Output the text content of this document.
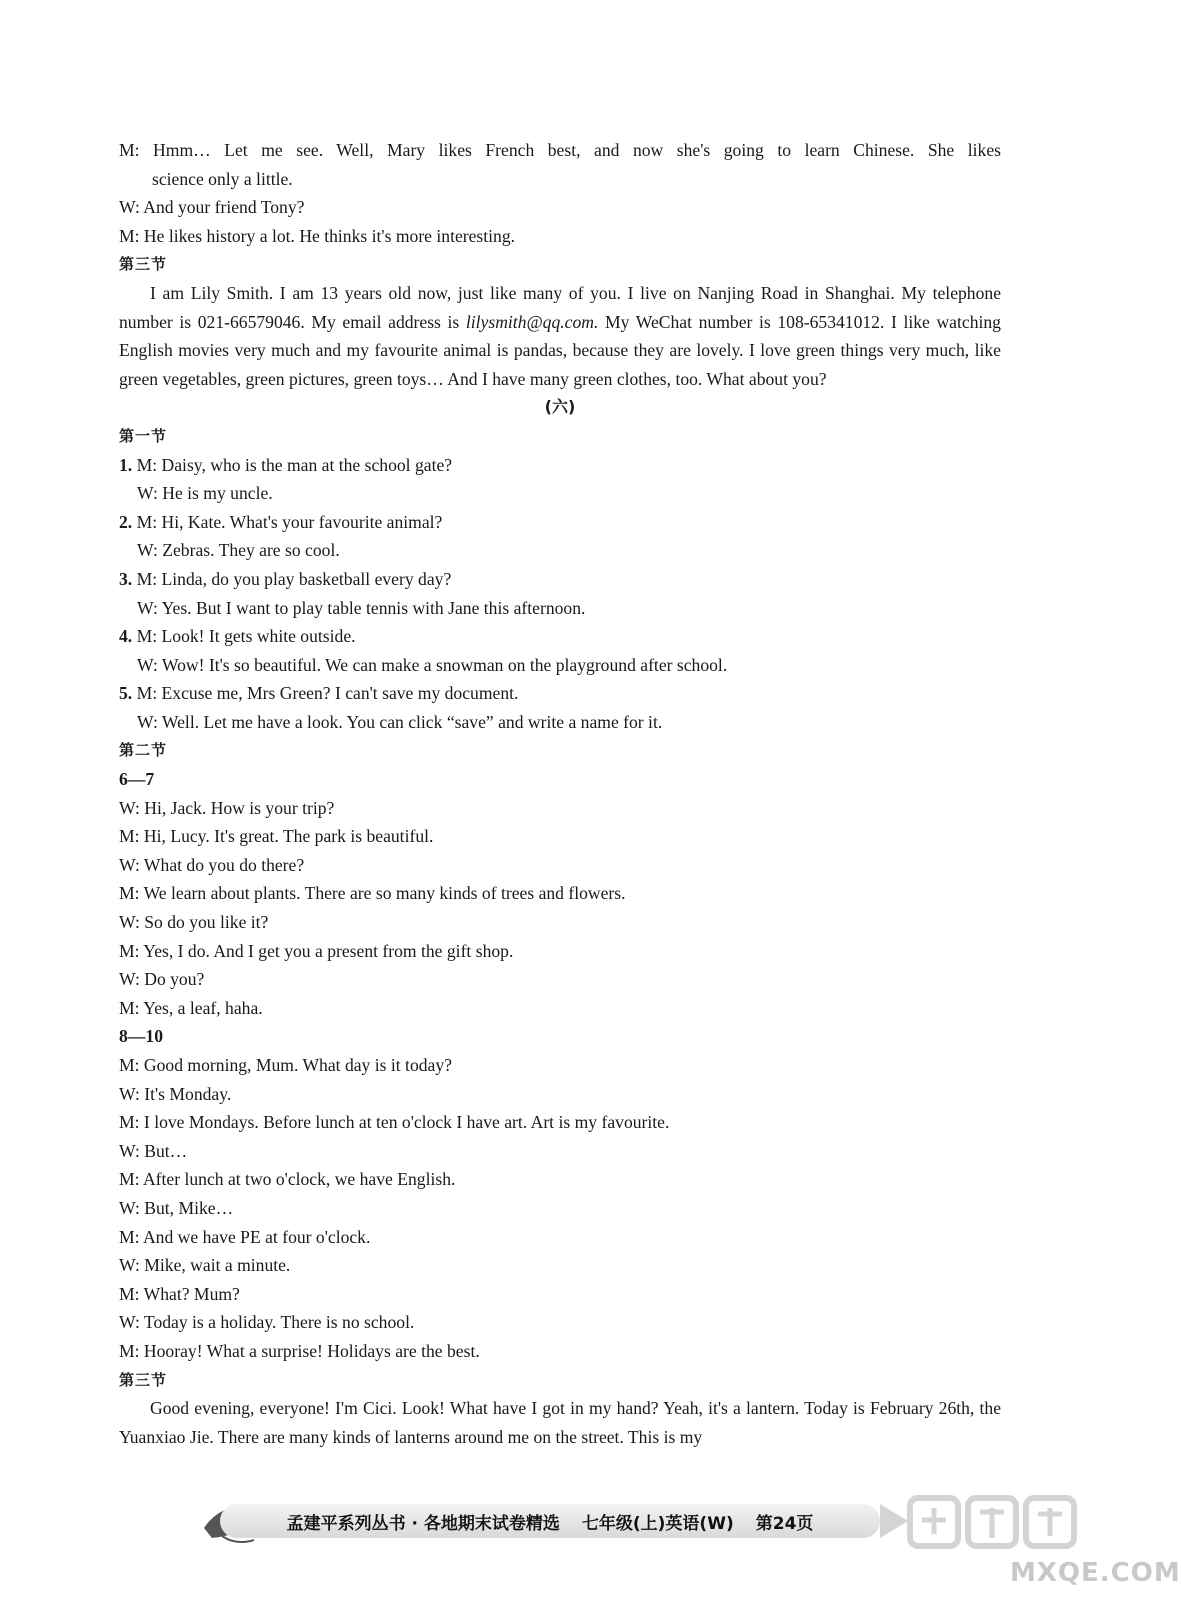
M: Hmm… Let me see. Well, Mary likes French best, and now she's going to learn Chinese. She likes
science only a little.
W: And your friend Tony?
M: He likes history a lot. He thinks it's more interesting.
第三节
I am Lily Smith. I am 13 years old now, just like many of you. I live on Nanjing Road in Shanghai. My telephone number is 021-66579046. My email address is lilysmith@qq.com. My WeChat number is 108-65341012. I like watching English movies very much and my favourite animal is pandas, because they are lovely. I love green things very much, like green vegetables, green pictures, green toys… And I have many green clothes, too. What about you?
(六)
第一节
1. M: Daisy, who is the man at the school gate?
W: He is my uncle.
2. M: Hi, Kate. What's your favourite animal?
W: Zebras. They are so cool.
3. M: Linda, do you play basketball every day?
W: Yes. But I want to play table tennis with Jane this afternoon.
4. M: Look! It gets white outside.
W: Wow! It's so beautiful. We can make a snowman on the playground after school.
5. M: Excuse me, Mrs Green? I can't save my document.
W: Well. Let me have a look. You can click “save” and write a name for it.
第二节
6—7
W: Hi, Jack. How is your trip?
M: Hi, Lucy. It's great. The park is beautiful.
W: What do you do there?
M: We learn about plants. There are so many kinds of trees and flowers.
W: So do you like it?
M: Yes, I do. And I get you a present from the gift shop.
W: Do you?
M: Yes, a leaf, haha.
8—10
M: Good morning, Mum. What day is it today?
W: It's Monday.
M: I love Mondays. Before lunch at ten o'clock I have art. Art is my favourite.
W: But…
M: After lunch at two o'clock, we have English.
W: But, Mike…
M: And we have PE at four o'clock.
W: Mike, wait a minute.
M: What? Mum?
W: Today is a holiday. There is no school.
M: Hooray! What a surprise! Holidays are the best.
第三节
Good evening, everyone! I'm Cici. Look! What have I got in my hand? Yeah, it's a lantern. Today is February 26th, the Yuanxiao Jie. There are many kinds of lanterns around me on the street. This is my
孟建平系列丛书 · 各地期末试卷精选 七年级(上)英语(W) 第24页
MXQE.COM
